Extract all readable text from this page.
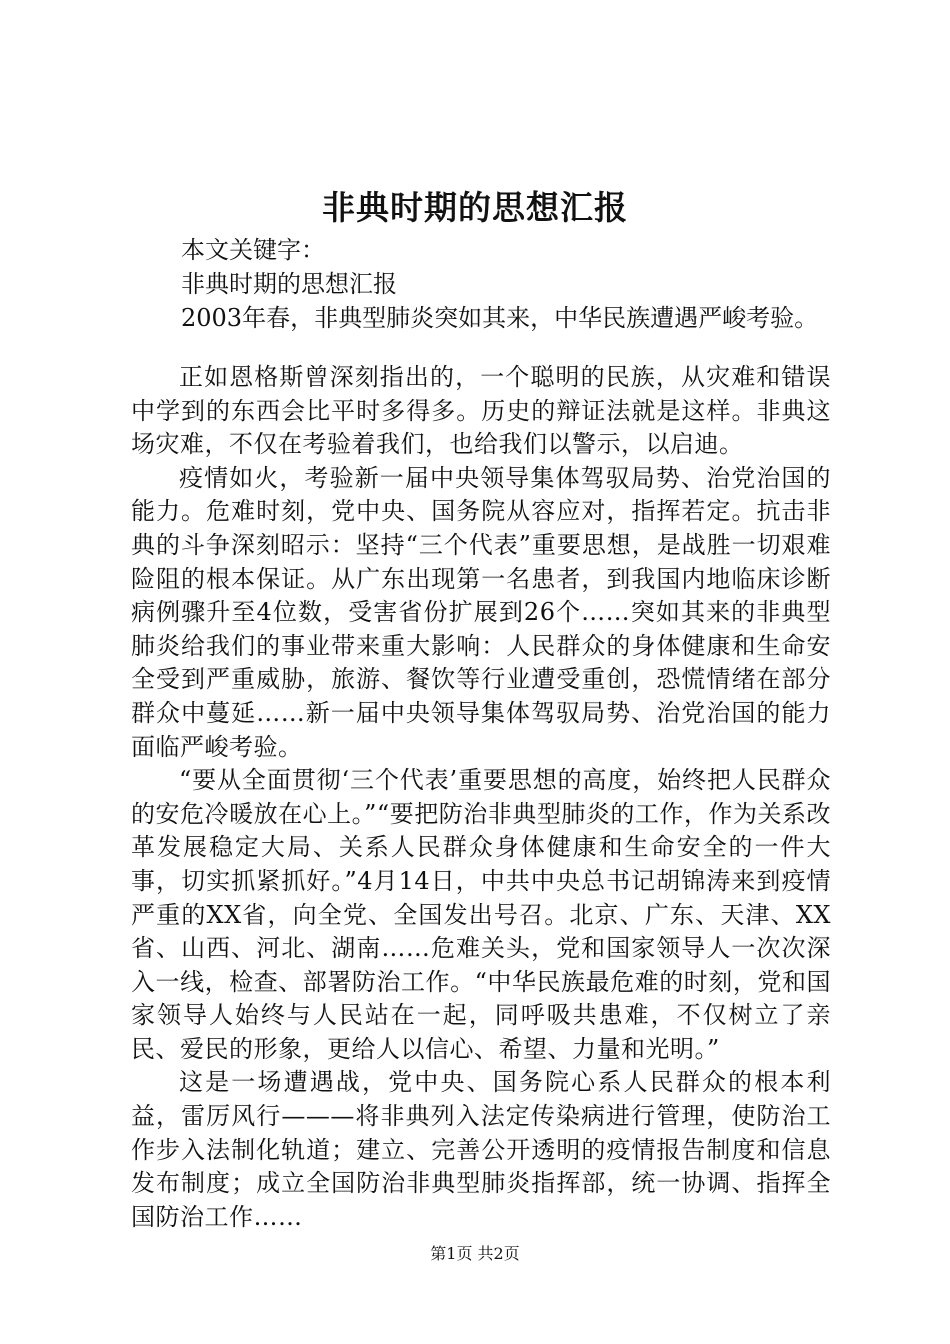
非典时期的思想汇报
本文关键字：
非典时期的思想汇报
2003年春，非典型肺炎突如其来，中华民族遭遇严峻考验。

正如恩格斯曾深刻指出的，一个聪明的民族，从灾难和错误中学到的东西会比平时多得多。历史的辩证法就是这样。非典这场灾难，不仅在考验着我们，也给我们以警示，以启迪。

疫情如火，考验新一届中央领导集体驾驭局势、治党治国的能力。危难时刻，党中央、国务院从容应对，指挥若定。抗击非典的斗争深刻昭示：坚持“三个代表”重要思想，是战胜一切艰难险阻的根本保证。从广东出现第一名患者，到我国内地临床诊断病例骤升至4位数，受害省份扩展到26个……突如其来的非典型肺炎给我们的事业带来重大影响：人民群众的身体健康和生命安全受到严重威胁，旅游、餐饮等行业遭受重创，恐慌情绪在部分群众中蔓延……新一届中央领导集体驾驭局势、治党治国的能力面临严峻考验。

“要从全面贯彻‘三个代表’重要思想的高度，始终把人民群众的安危冷暖放在心上。”“要把防治非典型肺炎的工作，作为关系改革发展稳定大局、关系人民群众身体健康和生命安全的一件大事，切实抓紧抓好。”4月14日，中共中央总书记胡锦涛来到疫情严重的XX省，向全党、全国发出号召。北京、广东、天津、XX省、山西、河北、湖南……危难关头，党和国家领导人一次次深入一线，检查、部署防治工作。“中华民族最危难的时刻，党和国家领导人始终与人民站在一起，同呼吸共患难，不仅树立了亲民、爱民的形象，更给人以信心、希望、力量和光明。”

这是一场遭遇战，党中央、国务院心系人民群众的根本利益，雷厉风行———将非典列入法定传染病进行管理，使防治工作步入法制化轨道；建立、完善公开透明的疫情报告制度和信息发布制度；成立全国防治非典型肺炎指挥部，统一协调、指挥全国防治工作……

第1页 共2页
